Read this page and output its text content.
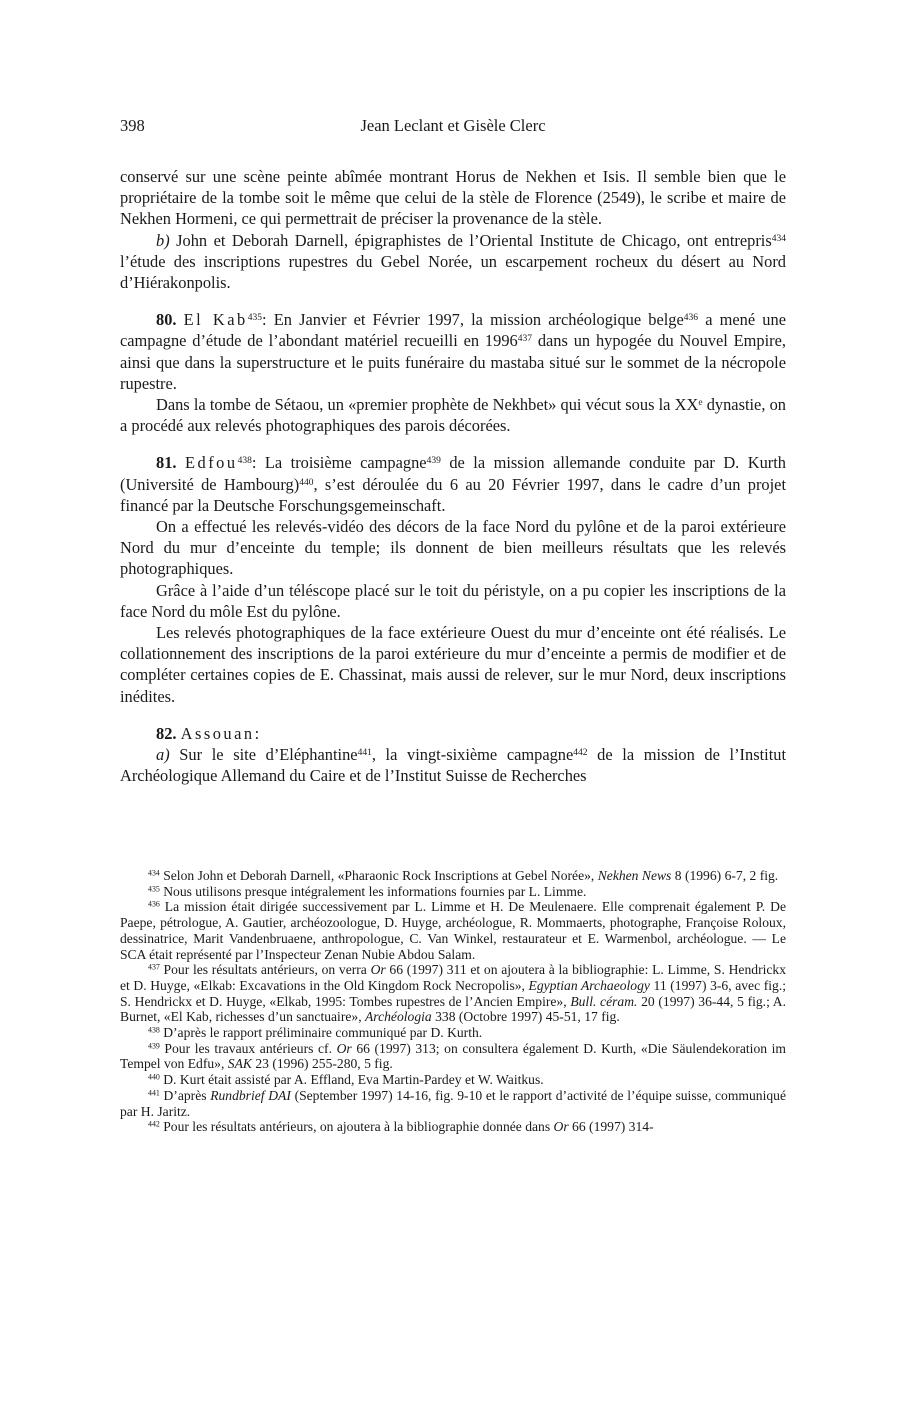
398	Jean Leclant et Gisèle Clerc

conservé sur une scène peinte abîmée montrant Horus de Nekhen et Isis. Il semble bien que le propriétaire de la tombe soit le même que celui de la stèle de Florence (2549), le scribe et maire de Nekhen Hormeni, ce qui permettrait de préciser la provenance de la stèle.

b) John et Deborah Darnell, épigraphistes de l’Oriental Institute de Chicago, ont entrepris$^{434}$ l’étude des inscriptions rupestres du Gebel Norée, un escarpement rocheux du désert au Nord d’Hiérakonpolis.

80. El Kab$^{435}$: En Janvier et Février 1997, la mission archéologique belge$^{436}$ a mené une campagne d’étude de l’abondant matériel recueilli en 1996$^{437}$ dans un hypogée du Nouvel Empire, ainsi que dans la superstructure et le puits funéraire du mastaba situé sur le sommet de la nécropole rupestre.

Dans la tombe de Sétaou, un «premier prophète de Nekhbet» qui vécut sous la XXe dynastie, on a procédé aux relevés photographiques des parois décorées.

81. Edfou$^{438}$: La troisième campagne$^{439}$ de la mission allemande conduite par D. Kurth (Université de Hambourg)$^{440}$, s’est déroulée du 6 au 20 Février 1997, dans le cadre d’un projet financé par la Deutsche Forschungsgemeinschaft.

On a effectué les relevés-vidéo des décors de la face Nord du pylône et de la paroi extérieure Nord du mur d’enceinte du temple; ils donnent de bien meilleurs résultats que les relevés photographiques.

Grâce à l’aide d’un téléscope placé sur le toit du péristyle, on a pu copier les inscriptions de la face Nord du môle Est du pylône.

Les relevés photographiques de la face extérieure Ouest du mur d’enceinte ont été réalisés. Le collationnement des inscriptions de la paroi extérieure du mur d’enceinte a permis de modifier et de compléter certaines copies de E. Chassinat, mais aussi de relever, sur le mur Nord, deux inscriptions inédites.

82. Assouan:

a) Sur le site d’Eléphantine$^{441}$, la vingt-sixième campagne$^{442}$ de la mission de l’Institut Archéologique Allemand du Caire et de l’Institut Suisse de Recherches

$^{434}$ Selon John et Deborah Darnell, «Pharaonic Rock Inscriptions at Gebel Norée», Nekhen News 8 (1996) 6-7, 2 fig.

$^{435}$ Nous utilisons presque intégralement les informations fournies par L. Limme.

$^{436}$ La mission était dirigée successivement par L. Limme et H. De Meulenaere. Elle comprenait également P. De Paepe, pétrologue, A. Gautier, archéozoologue, D. Huyge, archéologue, R. Mommaerts, photographe, Françoise Roloux, dessinatrice, Marit Vandenbruaene, anthropologue, C. Van Winkel, restaurateur et E. Warmenbol, archéologue. — Le SCA était représenté par l’Inspecteur Zenan Nubie Abdou Salam.

$^{437}$ Pour les résultats antérieurs, on verra Or 66 (1997) 311 et on ajoutera à la bibliographie: L. Limme, S. Hendrickx et D. Huyge, «Elkab: Excavations in the Old Kingdom Rock Necropolis», Egyptian Archaeology 11 (1997) 3-6, avec fig.; S. Hendrickx et D. Huyge, «Elkab, 1995: Tombes rupestres de l’Ancien Empire», Bull. céram. 20 (1997) 36-44, 5 fig.; A. Burnet, «El Kab, richesses d’un sanctuaire», Archéologia 338 (Octobre 1997) 45-51, 17 fig.

$^{438}$ D’après le rapport préliminaire communiqué par D. Kurth.

$^{439}$ Pour les travaux antérieurs cf. Or 66 (1997) 313; on consultera également D. Kurth, «Die Säulendekoration im Tempel von Edfu», SAK 23 (1996) 255-280, 5 fig.

$^{440}$ D. Kurt était assisté par A. Effland, Eva Martin-Pardey et W. Waitkus.

$^{441}$ D’après Rundbrief DAI (September 1997) 14-16, fig. 9-10 et le rapport d’activité de l’équipe suisse, communiqué par H. Jaritz.

$^{442}$ Pour les résultats antérieurs, on ajoutera à la bibliographie donnée dans Or 66 (1997) 314-
